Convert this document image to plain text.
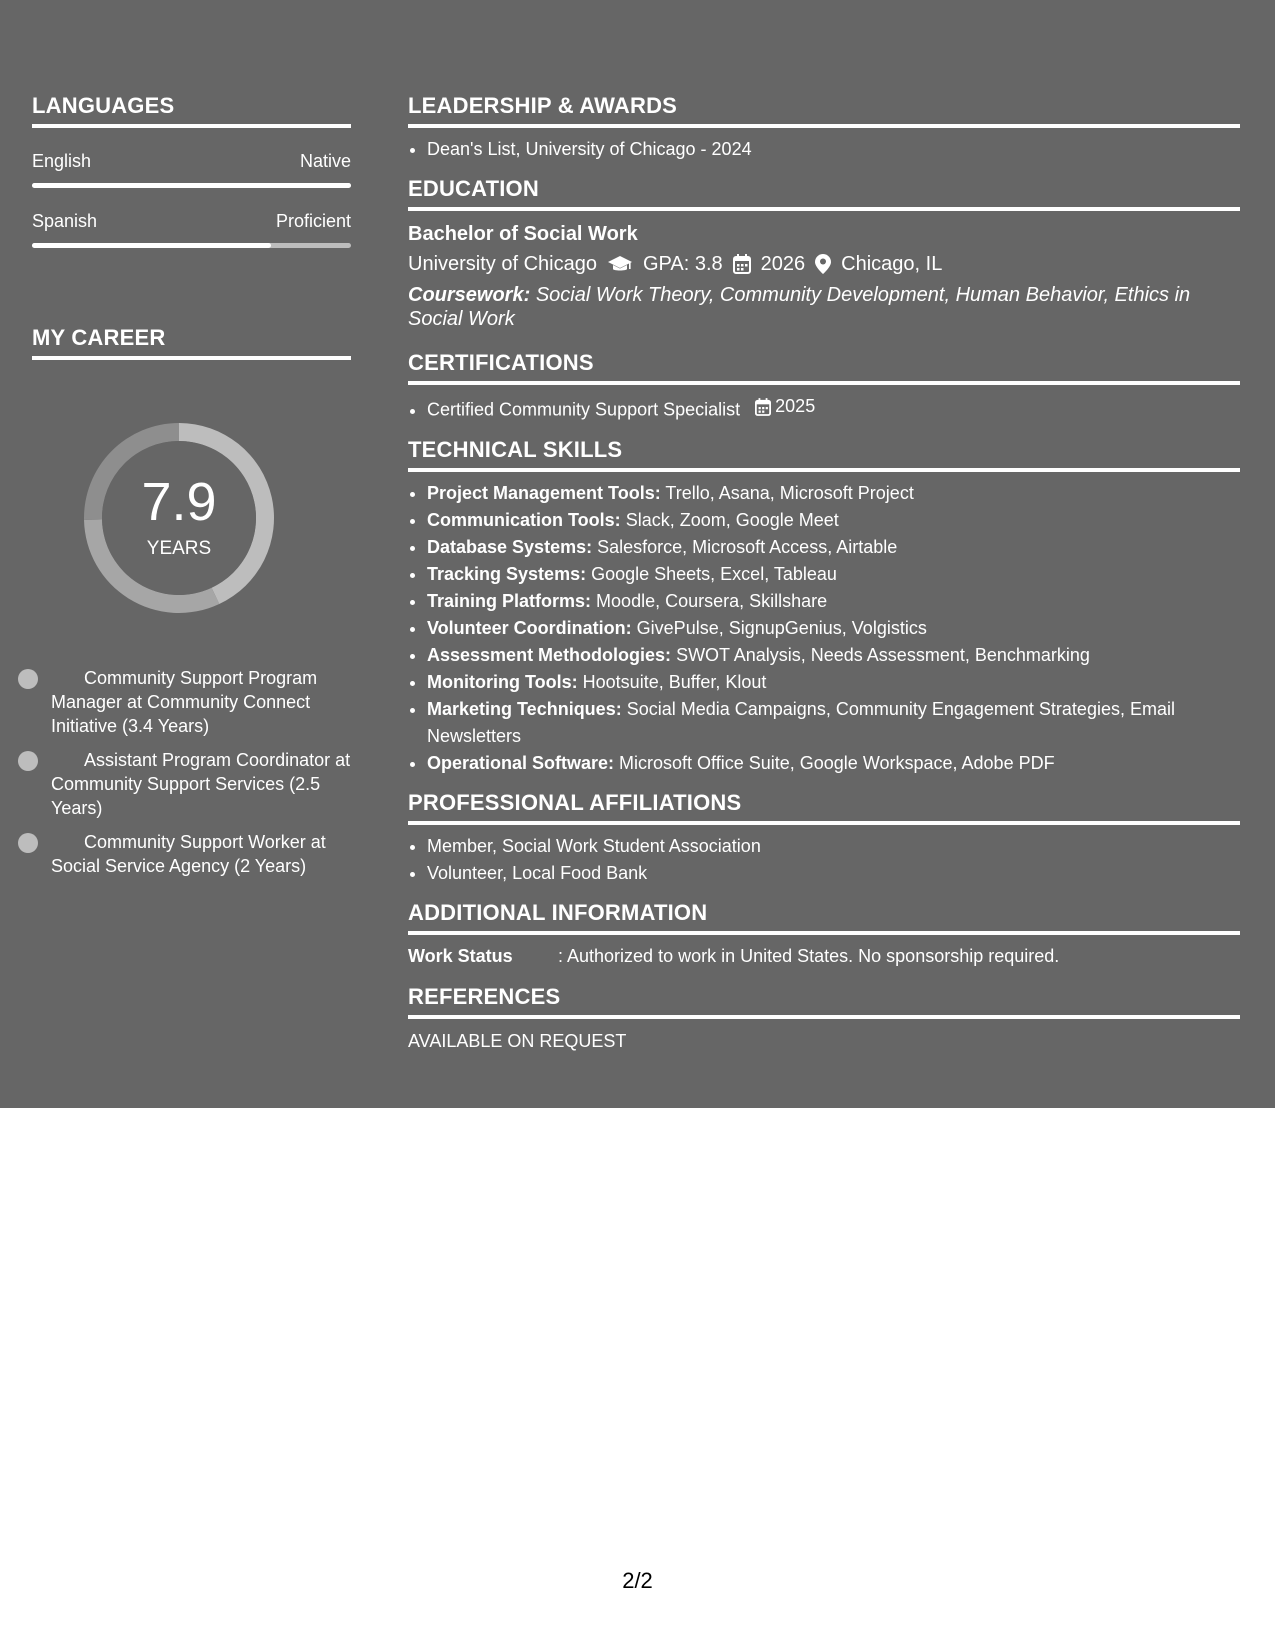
LANGUAGES
English	Native
Spanish	Proficient
MY CAREER
7.9
YEARS
Community Support Program Manager at Community Connect Initiative (3.4 Years)
Assistant Program Coordinator at Community Support Services (2.5 Years)
Community Support Worker at Social Service Agency (2 Years)
LEADERSHIP & AWARDS
• Dean's List, University of Chicago - 2024
EDUCATION
Bachelor of Social Work
University of Chicago GPA: 3.8 2026 Chicago, IL
Coursework: Social Work Theory, Community Development, Human Behavior, Ethics in Social Work
CERTIFICATIONS
• Certified Community Support Specialist 2025
TECHNICAL SKILLS
• Project Management Tools: Trello, Asana, Microsoft Project
• Communication Tools: Slack, Zoom, Google Meet
• Database Systems: Salesforce, Microsoft Access, Airtable
• Tracking Systems: Google Sheets, Excel, Tableau
• Training Platforms: Moodle, Coursera, Skillshare
• Volunteer Coordination: GivePulse, SignupGenius, Volgistics
• Assessment Methodologies: SWOT Analysis, Needs Assessment, Benchmarking
• Monitoring Tools: Hootsuite, Buffer, Klout
• Marketing Techniques: Social Media Campaigns, Community Engagement Strategies, Email Newsletters
• Operational Software: Microsoft Office Suite, Google Workspace, Adobe PDF
PROFESSIONAL AFFILIATIONS
• Member, Social Work Student Association
• Volunteer, Local Food Bank
ADDITIONAL INFORMATION
Work Status	: Authorized to work in United States. No sponsorship required.
REFERENCES
AVAILABLE ON REQUEST
2/2
